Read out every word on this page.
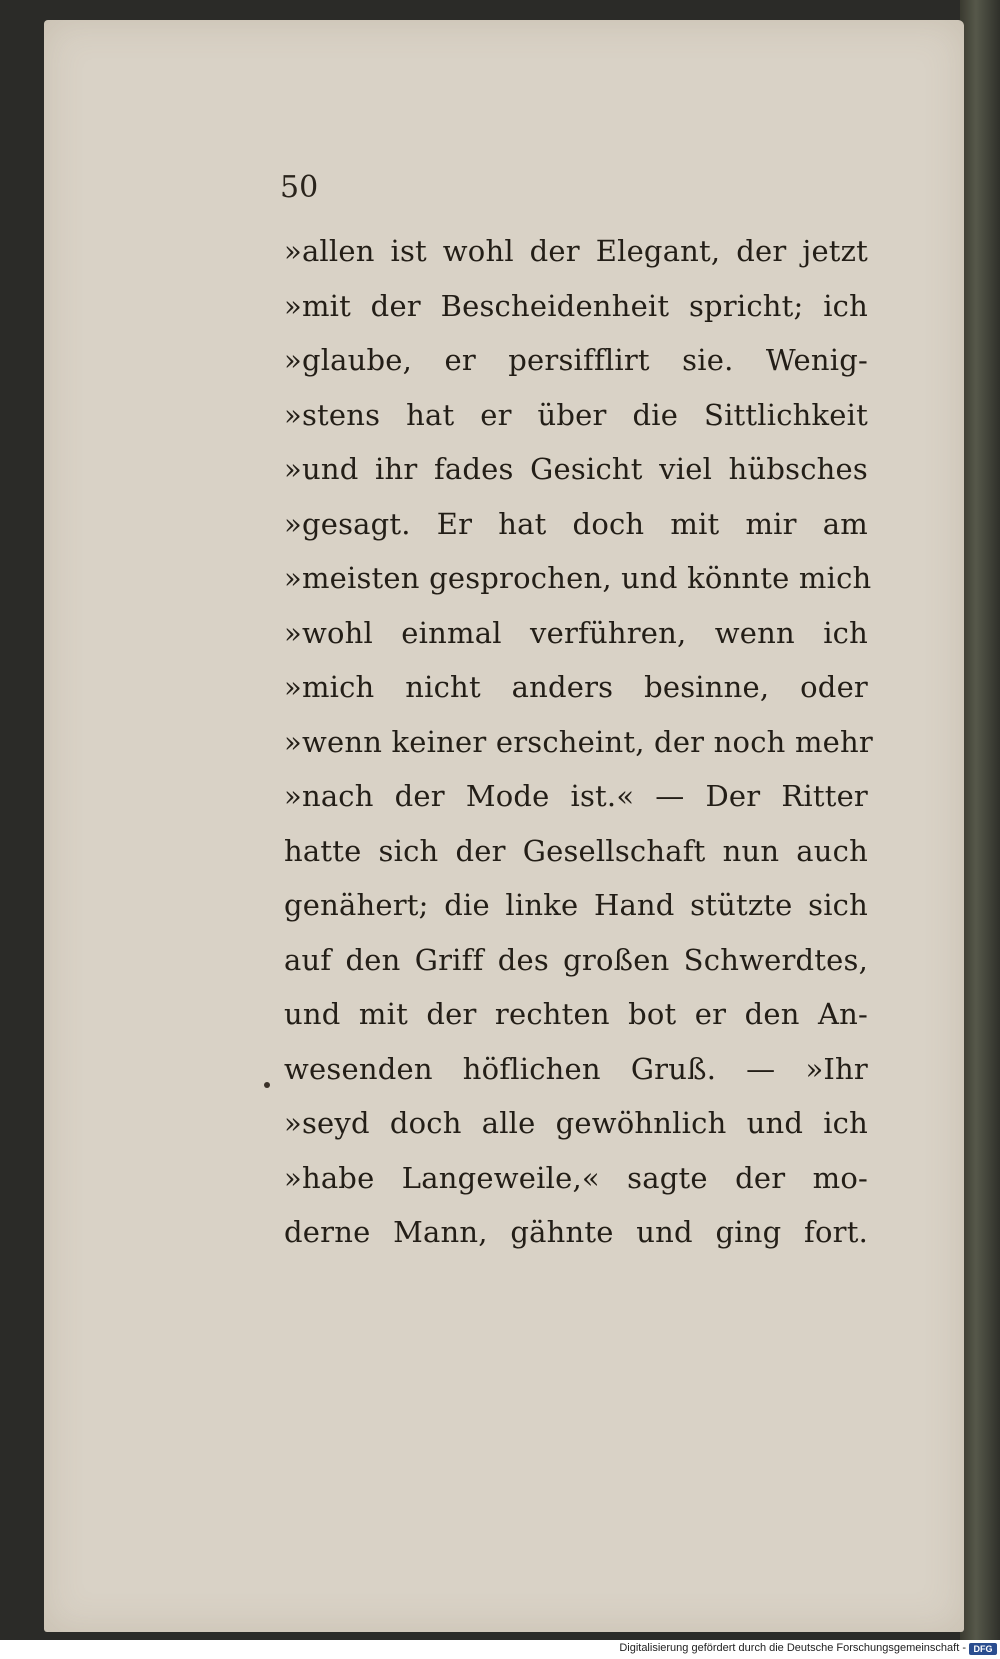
50

»allen ist wohl der Elegant, der jetzt
»mit der Bescheidenheit spricht; ich
»glaube, er persifflirt sie. Wenig-
»stens hat er über die Sittlichkeit
»und ihr fades Gesicht viel hübsches
»gesagt. Er hat doch mit mir am
»meisten gesprochen, und könnte mich
»wohl einmal verführen, wenn ich
»mich nicht anders besinne, oder
»wenn keiner erscheint, der noch mehr
»nach der Mode ist.« — Der Ritter
hatte sich der Gesellschaft nun auch
genähert; die linke Hand stützte sich
auf den Griff des großen Schwerdtes,
und mit der rechten bot er den An-
wesenden höflichen Gruß. — »Ihr
»seyd doch alle gewöhnlich und ich
»habe Langeweile,« sagte der mo-
derne Mann, gähnte und ging fort.

Digitalisierung gefördert durch die Deutsche Forschungsgemeinschaft - DFG
